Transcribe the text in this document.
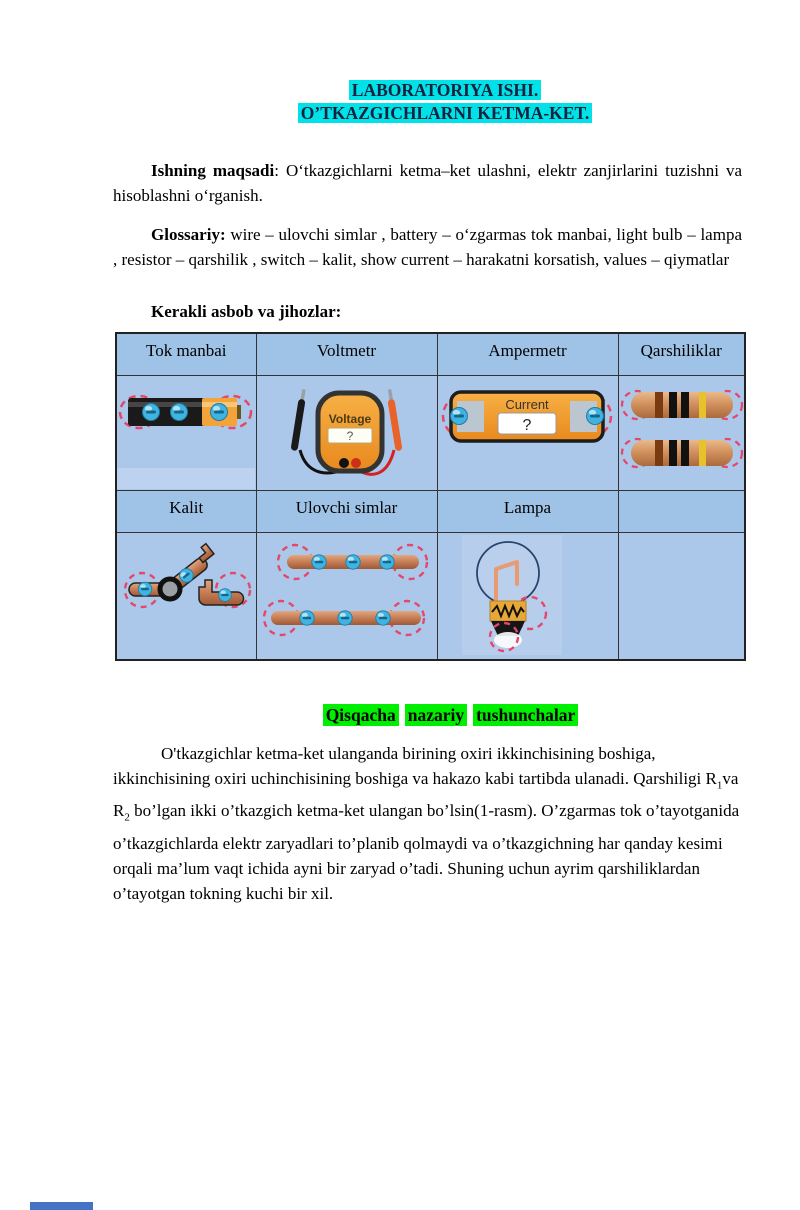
LABORATORIYA ISHI.
O’TKAZGICHLARNI KETMA-KET.

Ishning maqsadi: Oʻtkazgichlarni ketma–ket ulashni, elektr zanjirlarini tuzishni va hisoblashni oʻrganish.

Glossariy: wire – ulovchi simlar , battery – oʻzgarmas tok manbai, light bulb – lampa , resistor – qarshilik , switch – kalit, show current – harakatni korsatish, values – qiymatlar

Kerakli asbob va jihozlar:

Tok manbai	Voltmetr	Ampermetr	Qarshiliklar

Voltage
?	Current
?

Kalit	Ulovchi simlar	Lampa	

Qisqacha nazariy tushunchalar

O'tkazgichlar ketma-ket ulanganda birining oxiri ikkinchisining boshiga, ikkinchisining oxiri uchinchisining boshiga va hakazo kabi tartibda ulanadi. Qarshiligi $R_1va$ $R_2$ bo’lgan ikki o’tkazgich ketma-ket ulangan bo’lsin(1-rasm). O’zgarmas tok o’tayotganida o’tkazgichlarda elektr zaryadlari to’planib qolmaydi va o’tkazgichning har qanday kesimi orqali ma’lum vaqt ichida ayni bir zaryad o’tadi. Shuning uchun ayrim qarshiliklardan o’tayotgan tokning kuchi bir xil.
